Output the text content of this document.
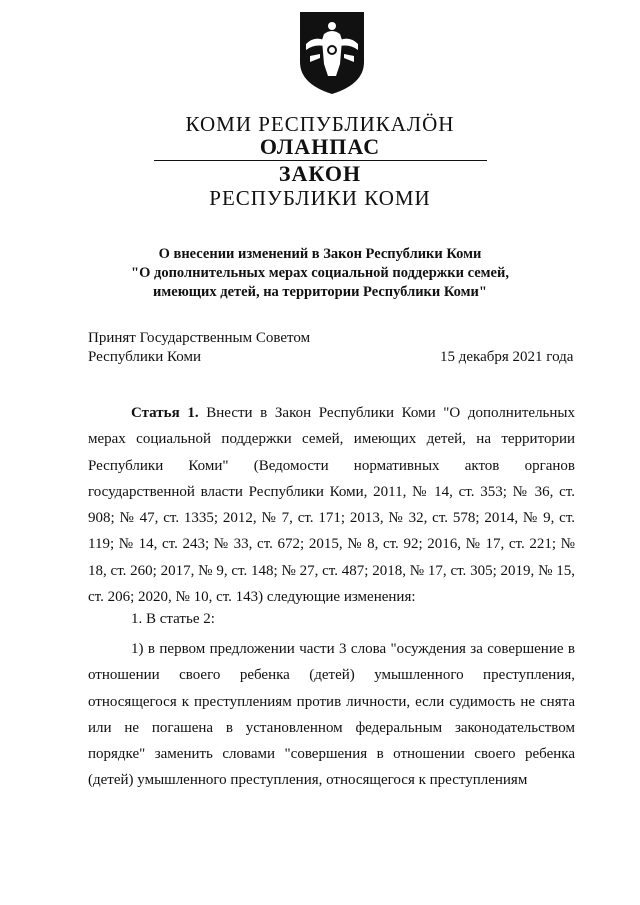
КОМИ РЕСПУБЛИКАЛӦН
ОЛАНПАС
ЗАКОН
РЕСПУБЛИКИ КОМИ
О внесении изменений в Закон Республики Коми
"О дополнительных мерах социальной поддержки семей,
имеющих детей, на территории Республики Коми"
Принят Государственным Советом
Республики Коми	15 декабря 2021 года
Статья 1. Внести в Закон Республики Коми "О дополнительных мерах социальной поддержки семей, имеющих детей, на территории Республики Коми" (Ведомости нормативных актов органов государственной власти Республики Коми, 2011, № 14, ст. 353; № 36, ст. 908; № 47, ст. 1335; 2012, № 7, ст. 171; 2013, № 32, ст. 578; 2014, № 9, ст. 119; № 14, ст. 243; № 33, ст. 672; 2015, № 8, ст. 92; 2016, № 17, ст. 221; № 18, ст. 260; 2017, № 9, ст. 148; № 27, ст. 487; 2018, № 17, ст. 305; 2019, № 15, ст. 206; 2020, № 10, ст. 143) следующие изменения:
1. В статье 2:
1) в первом предложении части 3 слова "осуждения за совершение в отношении своего ребенка (детей) умышленного преступления, относящегося к преступлениям против личности, если судимость не снята или не погашена в установленном федеральным законодательством порядке" заменить словами "совершения в отношении своего ребенка (детей) умышленного преступления, относящегося к преступлениям
